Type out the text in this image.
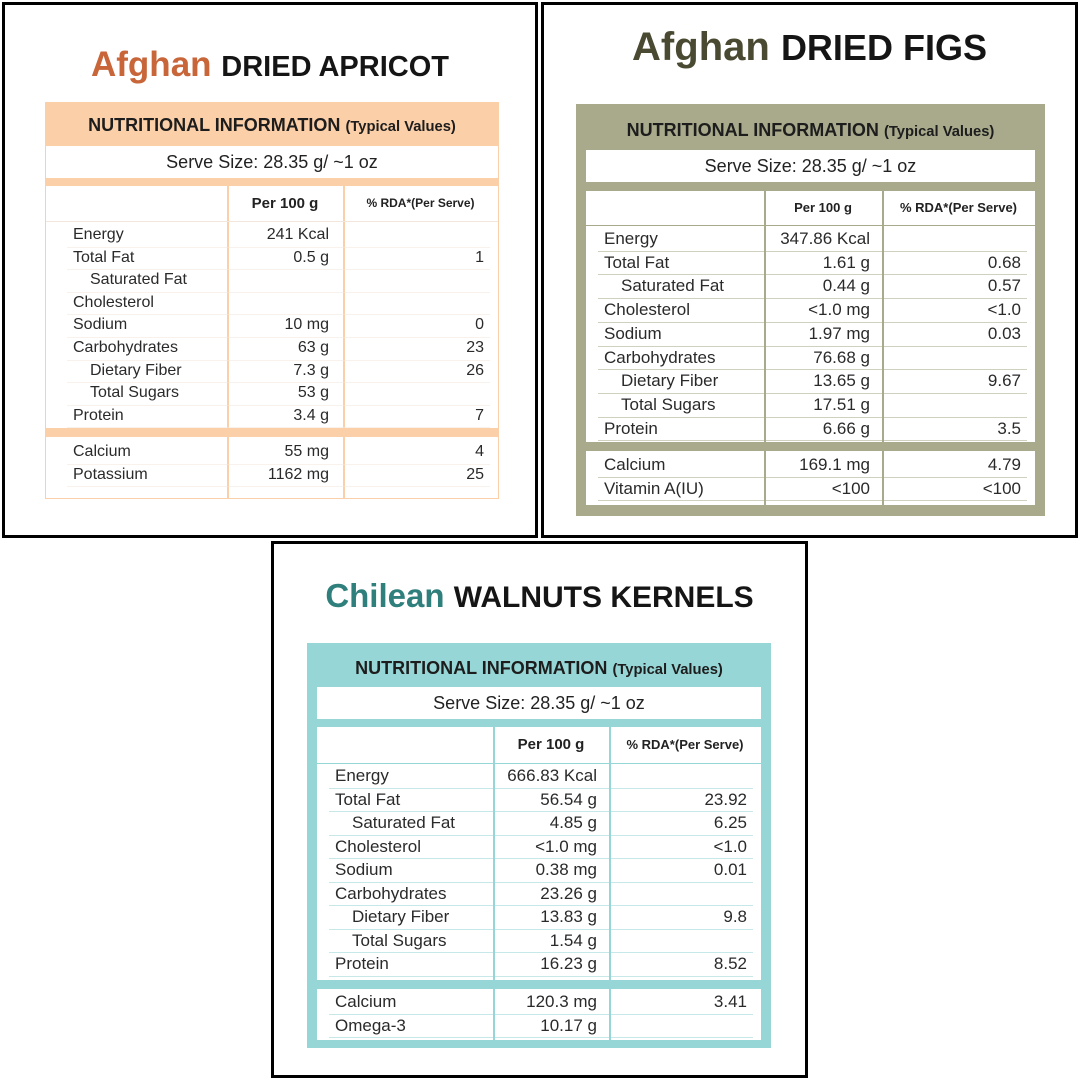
Afghan DRIED APRICOT
NUTRITIONAL INFORMATION (Typical Values)
Serve Size: 28.35 g/ ~1 oz
Per 100 g	% RDA*(Per Serve)
Energy	241 Kcal
Total Fat	0.5 g	1
Saturated Fat
Cholesterol
Sodium	10 mg	0
Carbohydrates	63 g	23
Dietary Fiber	7.3 g	26
Total Sugars	53 g
Protein	3.4 g	7
Calcium	55 mg	4
Potassium	1162 mg	25
Afghan DRIED FIGS
NUTRITIONAL INFORMATION (Typical Values)
Serve Size: 28.35 g/ ~1 oz
Per 100 g	% RDA*(Per Serve)
Energy	347.86 Kcal
Total Fat	1.61 g	0.68
Saturated Fat	0.44 g	0.57
Cholesterol	<1.0 mg	<1.0
Sodium	1.97 mg	0.03
Carbohydrates	76.68 g
Dietary Fiber	13.65 g	9.67
Total Sugars	17.51 g
Protein	6.66 g	3.5
Calcium	169.1 mg	4.79
Vitamin A(IU)	<100	<100
Chilean WALNUTS KERNELS
NUTRITIONAL INFORMATION (Typical Values)
Serve Size: 28.35 g/ ~1 oz
Per 100 g	% RDA*(Per Serve)
Energy	666.83 Kcal
Total Fat	56.54 g	23.92
Saturated Fat	4.85 g	6.25
Cholesterol	<1.0 mg	<1.0
Sodium	0.38 mg	0.01
Carbohydrates	23.26 g
Dietary Fiber	13.83 g	9.8
Total Sugars	1.54 g
Protein	16.23 g	8.52
Calcium	120.3 mg	3.41
Omega-3	10.17 g
